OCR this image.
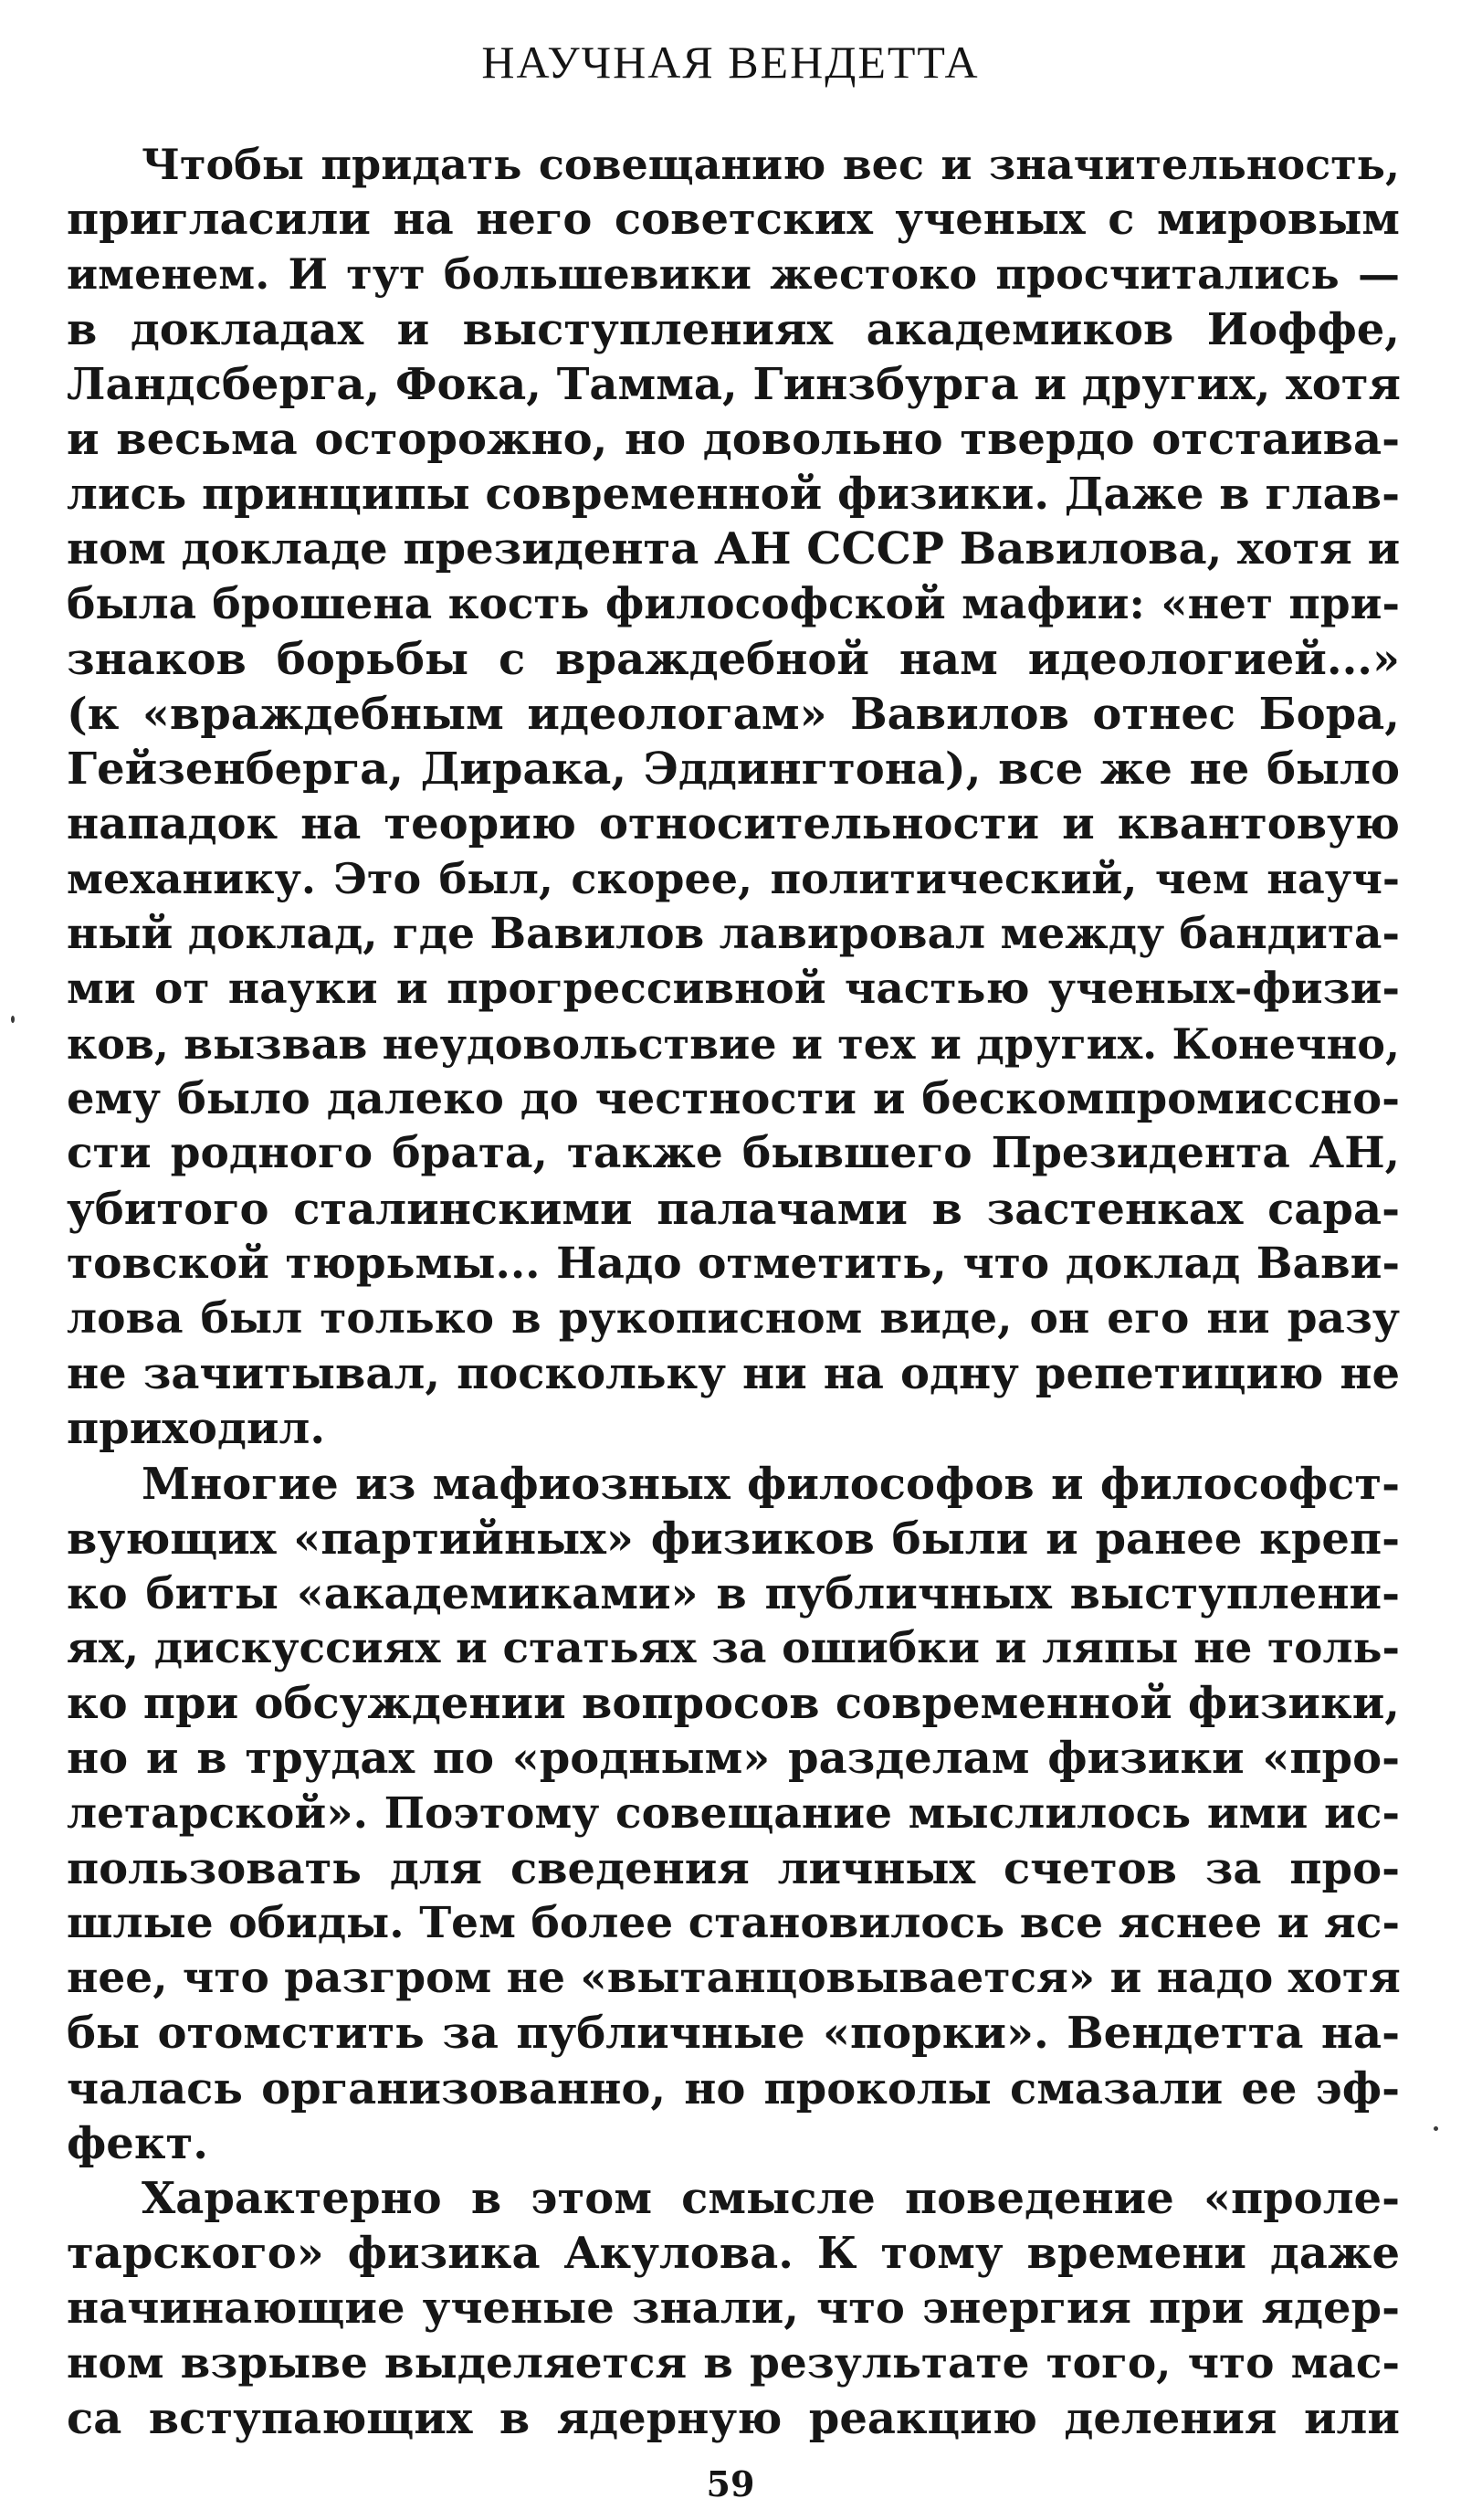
НАУЧНАЯ ВЕНДЕТТА
Чтобы придать совещанию вес и значительность,
пригласили на него советских ученых с мировым
именем. И тут большевики жестоко просчитались —
в докладах и выступлениях академиков Иоффе,
Ландсберга, Фока, Тамма, Гинзбурга и других, хотя
и весьма осторожно, но довольно твердо отстаива-
лись принципы современной физики. Даже в глав-
ном докладе президента АН СССР Вавилова, хотя и
была брошена кость философской мафии: «нет при-
знаков борьбы с враждебной нам идеологией...»
(к «враждебным идеологам» Вавилов отнес Бора,
Гейзенберга, Дирака, Эддингтона), все же не было
нападок на теорию относительности и квантовую
механику. Это был, скорее, политический, чем науч-
ный доклад, где Вавилов лавировал между бандита-
ми от науки и прогрессивной частью ученых-физи-
ков, вызвав неудовольствие и тех и других. Конечно,
ему было далеко до честности и бескомпромиссно-
сти родного брата, также бывшего Президента АН,
убитого сталинскими палачами в застенках сара-
товской тюрьмы... Надо отметить, что доклад Вави-
лова был только в рукописном виде, он его ни разу
не зачитывал, поскольку ни на одну репетицию не
приходил.
Многие из мафиозных философов и философст-
вующих «партийных» физиков были и ранее креп-
ко биты «академиками» в публичных выступлени-
ях, дискуссиях и статьях за ошибки и ляпы не толь-
ко при обсуждении вопросов современной физики,
но и в трудах по «родным» разделам физики «про-
летарской». Поэтому совещание мыслилось ими ис-
пользовать для сведения личных счетов за про-
шлые обиды. Тем более становилось все яснее и яс-
нее, что разгром не «вытанцовывается» и надо хотя
бы отомстить за публичные «порки». Вендетта на-
чалась организованно, но проколы смазали ее эф-
фект.
Характерно в этом смысле поведение «проле-
тарского» физика Акулова. К тому времени даже
начинающие ученые знали, что энергия при ядер-
ном взрыве выделяется в результате того, что мас-
са вступающих в ядерную реакцию деления или
59
